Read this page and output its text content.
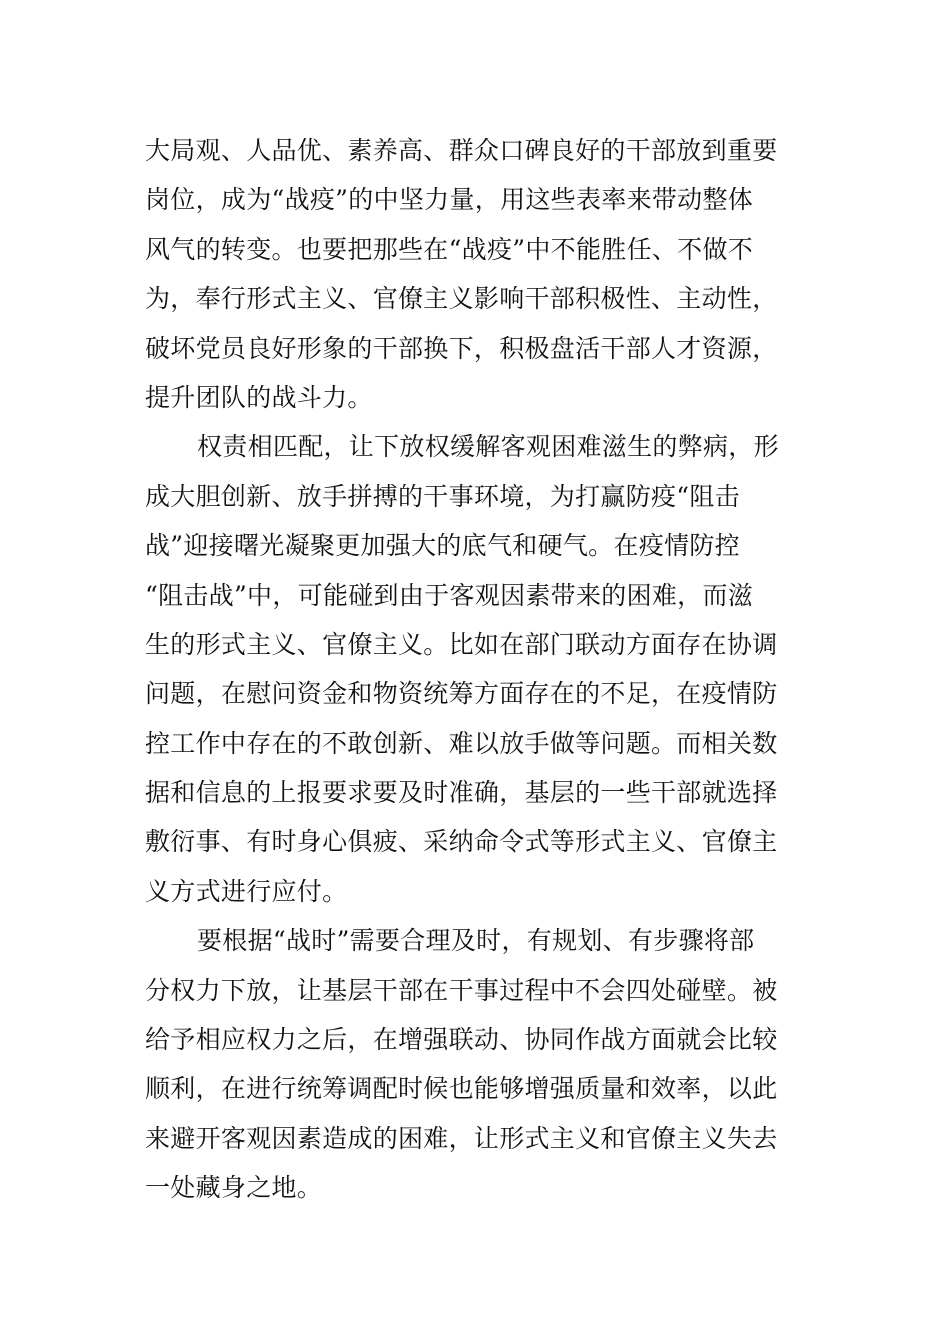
大局观、人品优、素养高、群众口碑良好的干部放到重要
岗位，成为“战疫”的中坚力量，用这些表率来带动整体
风气的转变。也要把那些在“战疫”中不能胜任、不做不
为，奉行形式主义、官僚主义影响干部积极性、主动性，
破坏党员良好形象的干部换下，积极盘活干部人才资源，
提升团队的战斗力。
权责相匹配，让下放权缓解客观困难滋生的弊病，形
成大胆创新、放手拼搏的干事环境，为打赢防疫“阻击
战”迎接曙光凝聚更加强大的底气和硬气。在疫情防控
“阻击战”中，可能碰到由于客观因素带来的困难，而滋
生的形式主义、官僚主义。比如在部门联动方面存在协调
问题，在慰问资金和物资统筹方面存在的不足，在疫情防
控工作中存在的不敢创新、难以放手做等问题。而相关数
据和信息的上报要求要及时准确，基层的一些干部就选择
敷衍事、有时身心俱疲、采纳命令式等形式主义、官僚主
义方式进行应付。
要根据“战时”需要合理及时，有规划、有步骤将部
分权力下放，让基层干部在干事过程中不会四处碰壁。被
给予相应权力之后，在增强联动、协同作战方面就会比较
顺利，在进行统筹调配时候也能够增强质量和效率，以此
来避开客观因素造成的困难，让形式主义和官僚主义失去
一处藏身之地。
